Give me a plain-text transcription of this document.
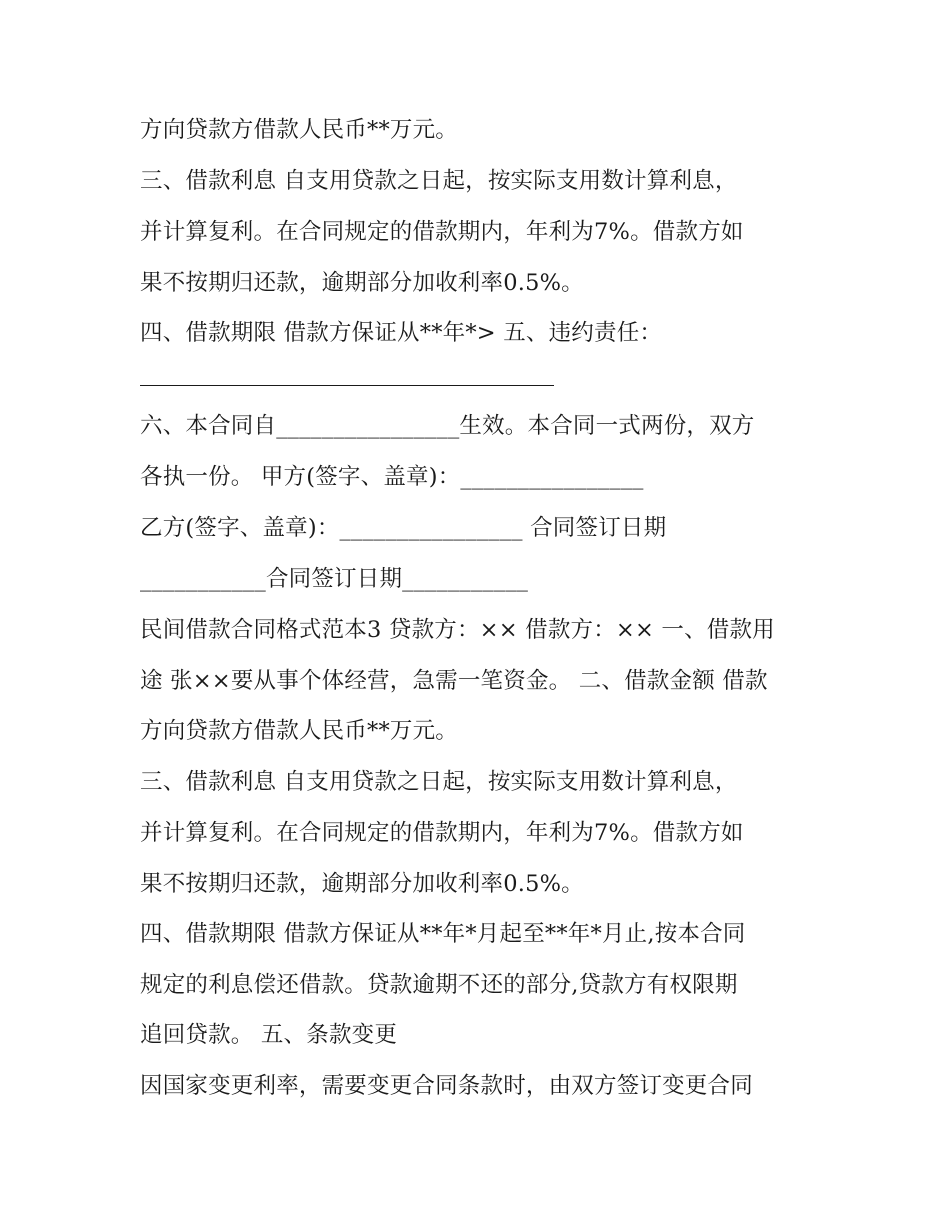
方向贷款方借款人民币**万元。

三、借款利息 自支用贷款之日起，按实际支用数计算利息，

并计算复利。在合同规定的借款期内，年利为7%。借款方如

果不按期归还款，逾期部分加收利率0.5%。

四、借款期限 借款方保证从**年*> 五、违约责任：

六、本合同自________________生效。本合同一式两份，双方

各执一份。 甲方(签字、盖章)：________________

乙方(签字、盖章)：________________ 合同签订日期

___________合同签订日期___________

民间借款合同格式范本3 贷款方：×× 借款方：×× 一、借款用

途 张××要从事个体经营，急需一笔资金。 二、借款金额 借款

方向贷款方借款人民币**万元。

三、借款利息 自支用贷款之日起，按实际支用数计算利息，

并计算复利。在合同规定的借款期内，年利为7%。借款方如

果不按期归还款，逾期部分加收利率0.5%。

四、借款期限 借款方保证从**年*月起至**年*月止,按本合同

规定的利息偿还借款。贷款逾期不还的部分,贷款方有权限期

追回贷款。 五、条款变更

因国家变更利率，需要变更合同条款时，由双方签订变更合同
